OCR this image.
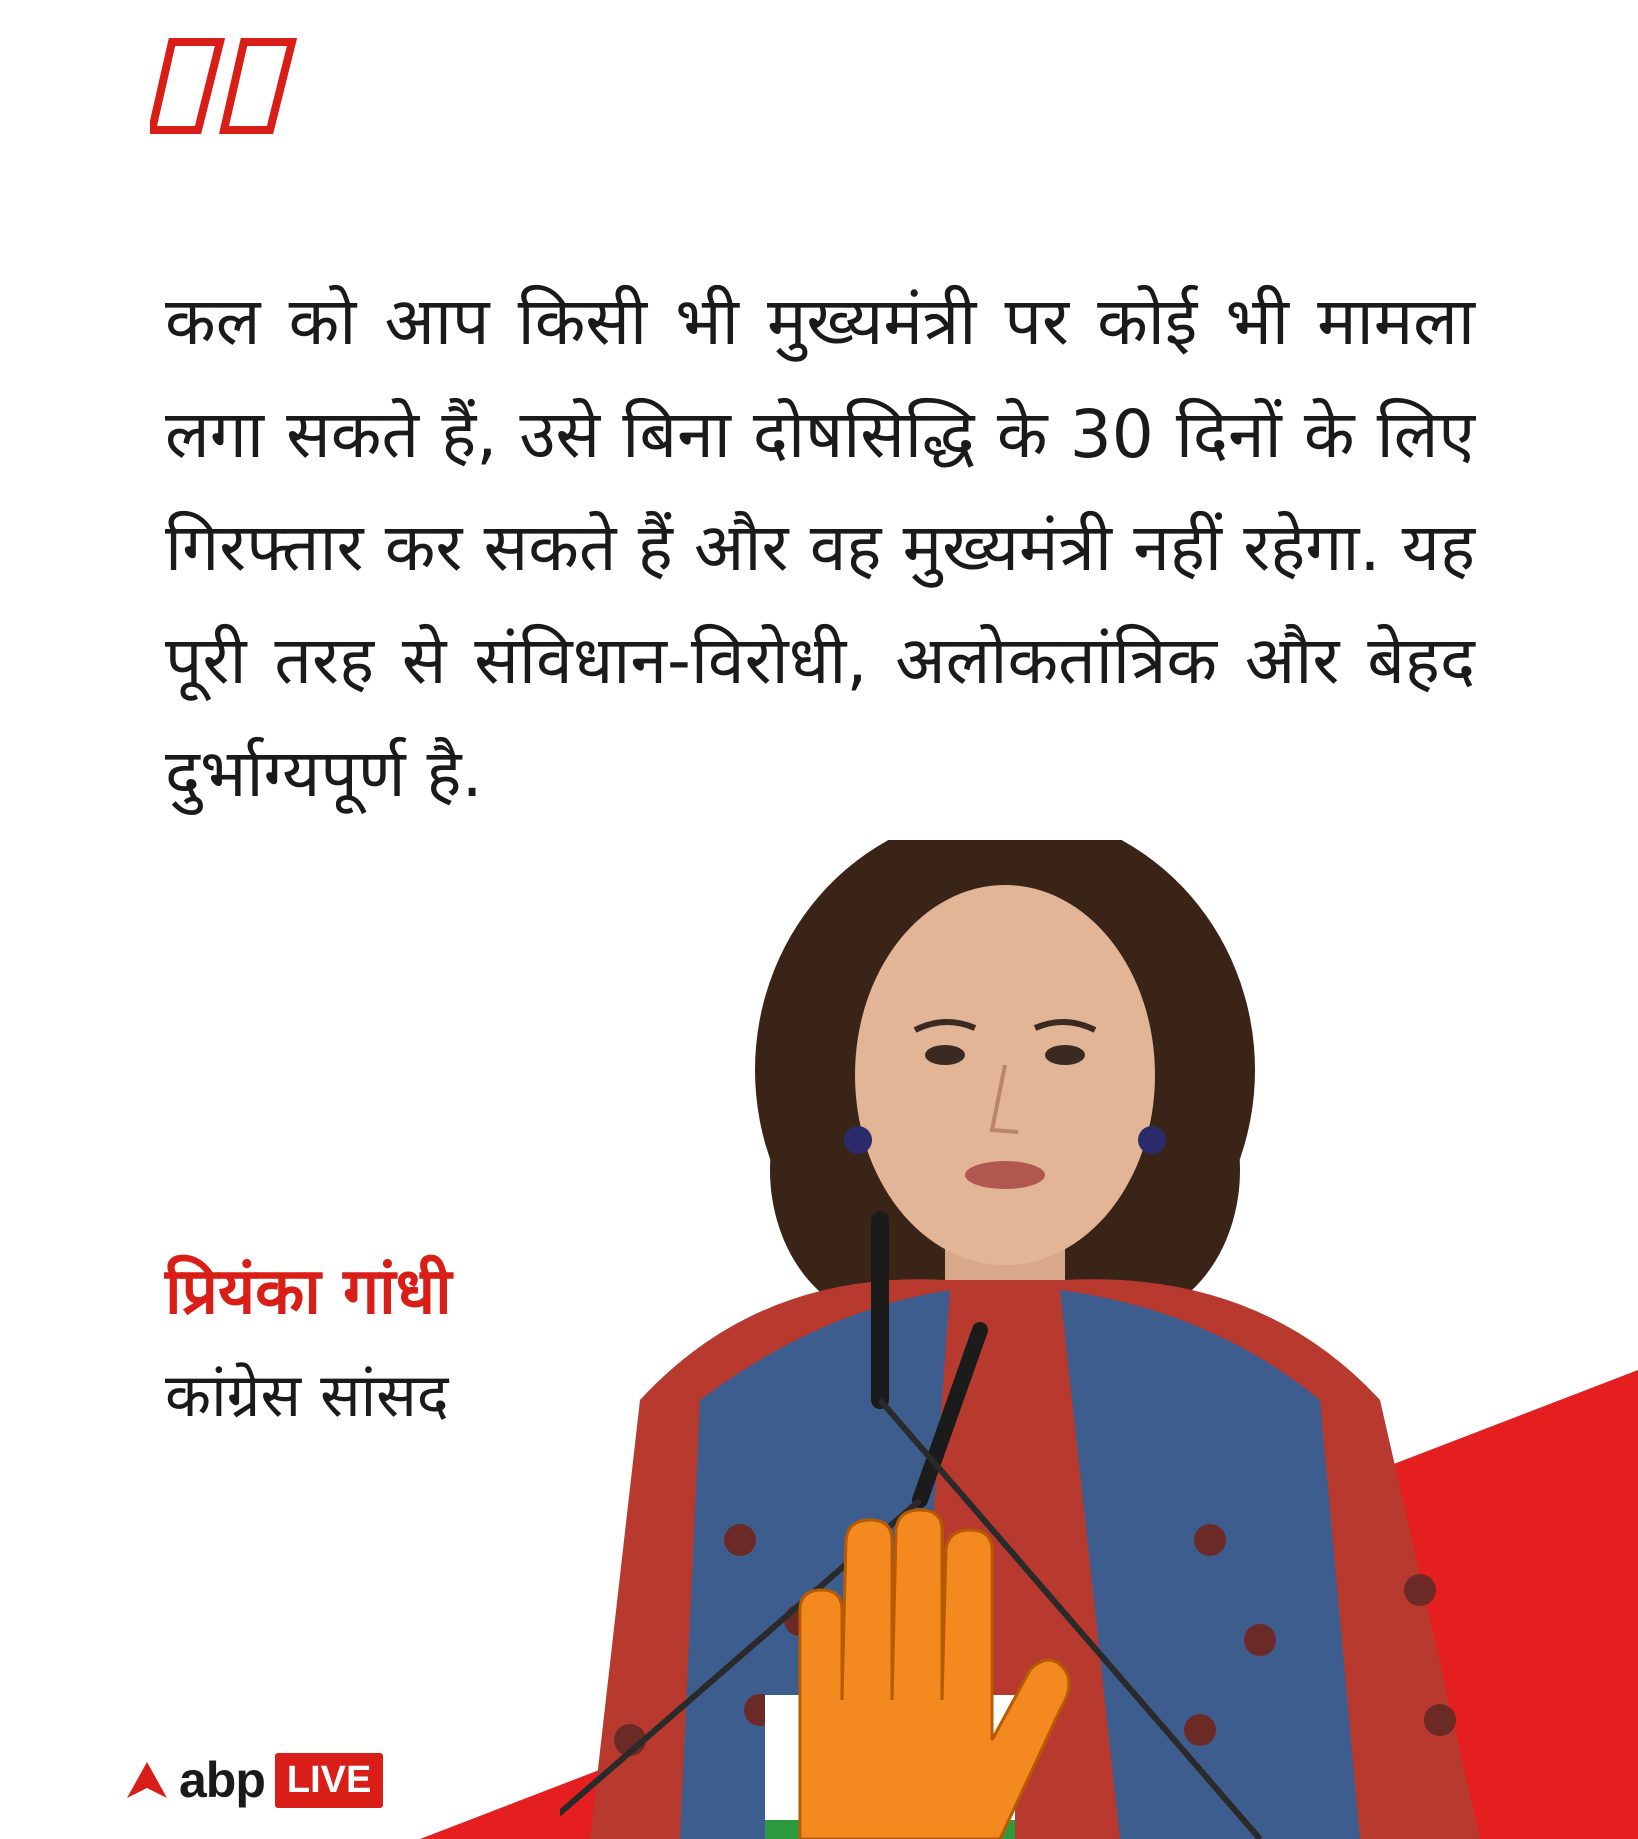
कल को आप किसी भी मुख्यमंत्री पर कोई भी मामला लगा सकते हैं, उसे बिना दोषसिद्धि के 30 दिनों के लिए गिरफ्तार कर सकते हैं और वह मुख्यमंत्री नहीं रहेगा. यह पूरी तरह से संविधान-विरोधी, अलोकतांत्रिक और बेहद दुर्भाग्यपूर्ण है.

प्रियंका गांधी

कांग्रेस सांसद

abp LIVE
